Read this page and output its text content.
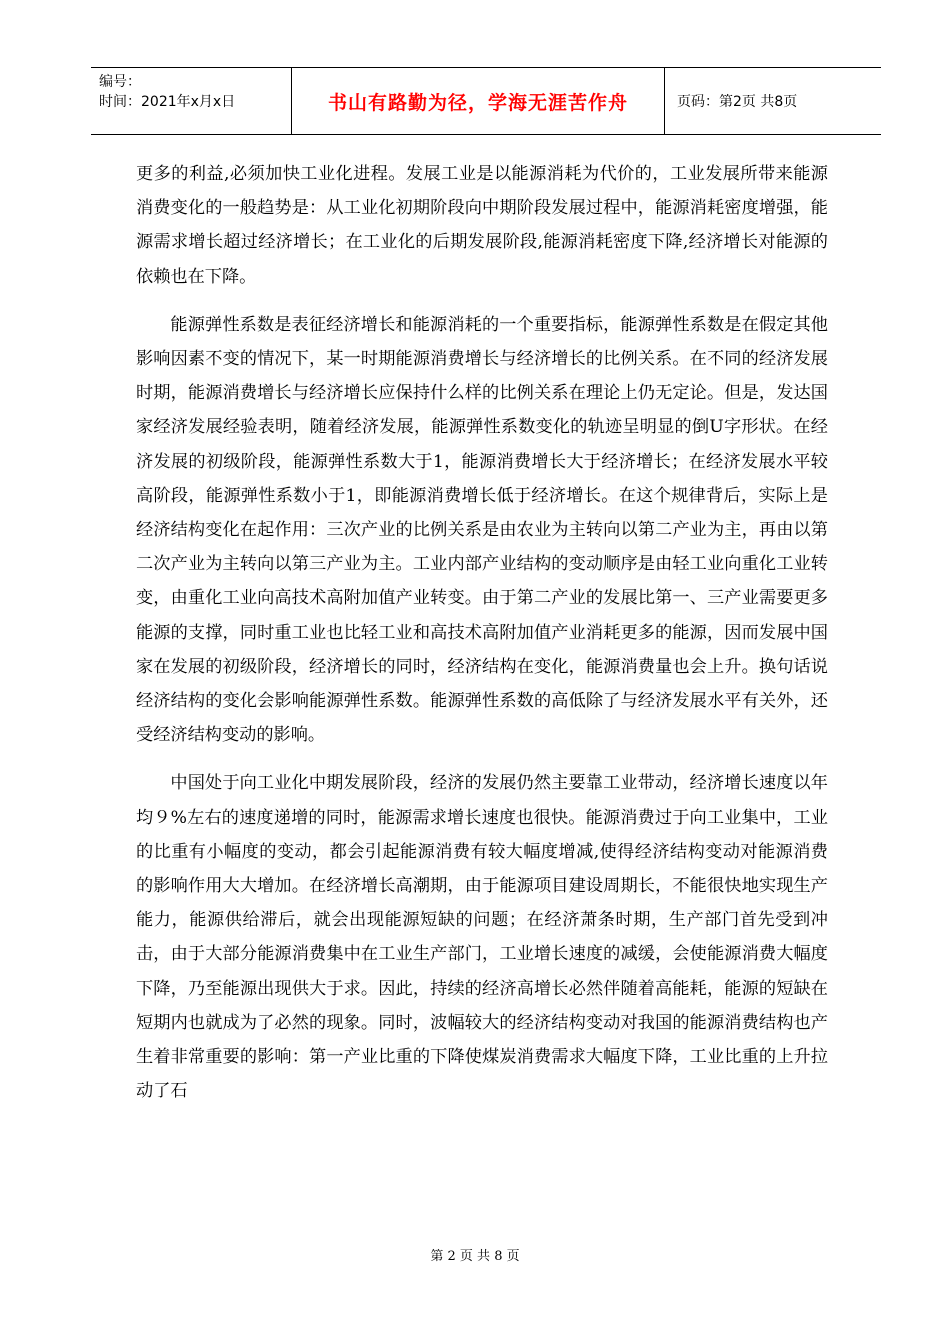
编号：
时间：2021年x月x日	书山有路勤为径，学海无涯苦作舟	页码：第2页 共8页

更多的利益,必须加快工业化进程。发展工业是以能源消耗为代价的，工业发展所带来能源消费变化的一般趋势是：从工业化初期阶段向中期阶段发展过程中，能源消耗密度增强，能源需求增长超过经济增长；在工业化的后期发展阶段,能源消耗密度下降,经济增长对能源的依赖也在下降。

能源弹性系数是表征经济增长和能源消耗的一个重要指标，能源弹性系数是在假定其他影响因素不变的情况下，某一时期能源消费增长与经济增长的比例关系。在不同的经济发展时期，能源消费增长与经济增长应保持什么样的比例关系在理论上仍无定论。但是，发达国家经济发展经验表明，随着经济发展，能源弹性系数变化的轨迹呈明显的倒U字形状。在经济发展的初级阶段，能源弹性系数大于1，能源消费增长大于经济增长；在经济发展水平较高阶段，能源弹性系数小于1，即能源消费增长低于经济增长。在这个规律背后，实际上是经济结构变化在起作用：三次产业的比例关系是由农业为主转向以第二产业为主，再由以第二次产业为主转向以第三产业为主。工业内部产业结构的变动顺序是由轻工业向重化工业转变，由重化工业向高技术高附加值产业转变。由于第二产业的发展比第一、三产业需要更多能源的支撑，同时重工业也比轻工业和高技术高附加值产业消耗更多的能源，因而发展中国家在发展的初级阶段，经济增长的同时，经济结构在变化，能源消费量也会上升。换句话说经济结构的变化会影响能源弹性系数。能源弹性系数的高低除了与经济发展水平有关外，还受经济结构变动的影响。

中国处于向工业化中期发展阶段，经济的发展仍然主要靠工业带动，经济增长速度以年均９%左右的速度递增的同时，能源需求增长速度也很快。能源消费过于向工业集中，工业的比重有小幅度的变动，都会引起能源消费有较大幅度增减,使得经济结构变动对能源消费的影响作用大大增加。在经济增长高潮期，由于能源项目建设周期长，不能很快地实现生产能力，能源供给滞后，就会出现能源短缺的问题；在经济萧条时期，生产部门首先受到冲击，由于大部分能源消费集中在工业生产部门，工业增长速度的减缓，会使能源消费大幅度下降，乃至能源出现供大于求。因此，持续的经济高增长必然伴随着高能耗，能源的短缺在短期内也就成为了必然的现象。同时，波幅较大的经济结构变动对我国的能源消费结构也产生着非常重要的影响：第一产业比重的下降使煤炭消费需求大幅度下降，工业比重的上升拉动了石

第 2 页 共 8 页
